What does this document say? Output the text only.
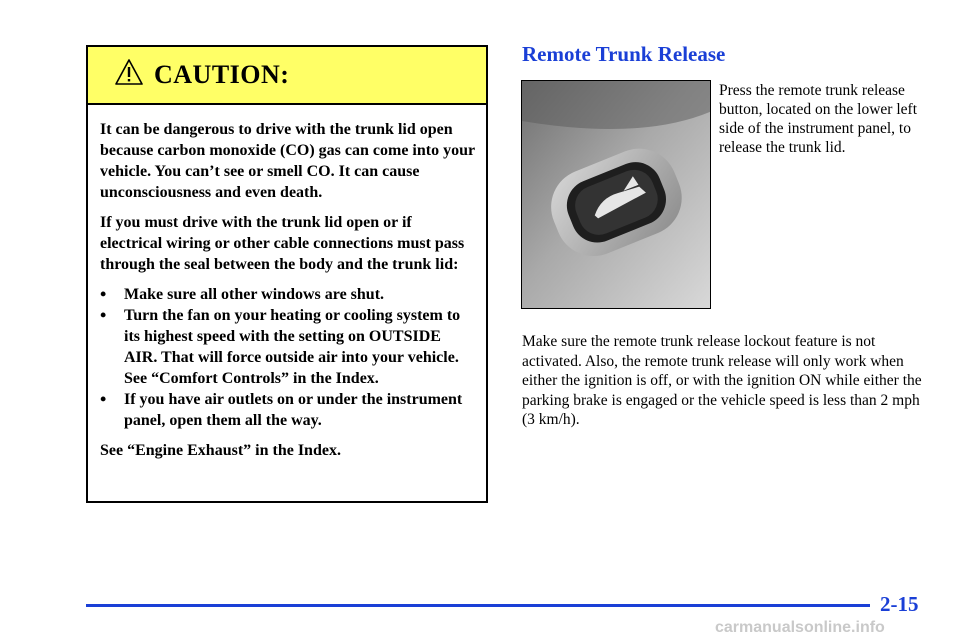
CAUTION:

It can be dangerous to drive with the trunk lid open because carbon monoxide (CO) gas can come into your vehicle. You can’t see or smell CO. It can cause unconsciousness and even death.

If you must drive with the trunk lid open or if electrical wiring or other cable connections must pass through the seal between the body and the trunk lid:

• Make sure all other windows are shut.
• Turn the fan on your heating or cooling system to its highest speed with the setting on OUTSIDE AIR. That will force outside air into your vehicle. See “Comfort Controls” in the Index.
• If you have air outlets on or under the instrument panel, open them all the way.

See “Engine Exhaust” in the Index.

Remote Trunk Release
Press the remote trunk release button, located on the lower left side of the instrument panel, to release the trunk lid.

Make sure the remote trunk release lockout feature is not activated. Also, the remote trunk release will only work when either the ignition is off, or with the ignition ON while either the parking brake is engaged or the vehicle speed is less than 2 mph (3 km/h).

2-15
carmanualsonline.info
